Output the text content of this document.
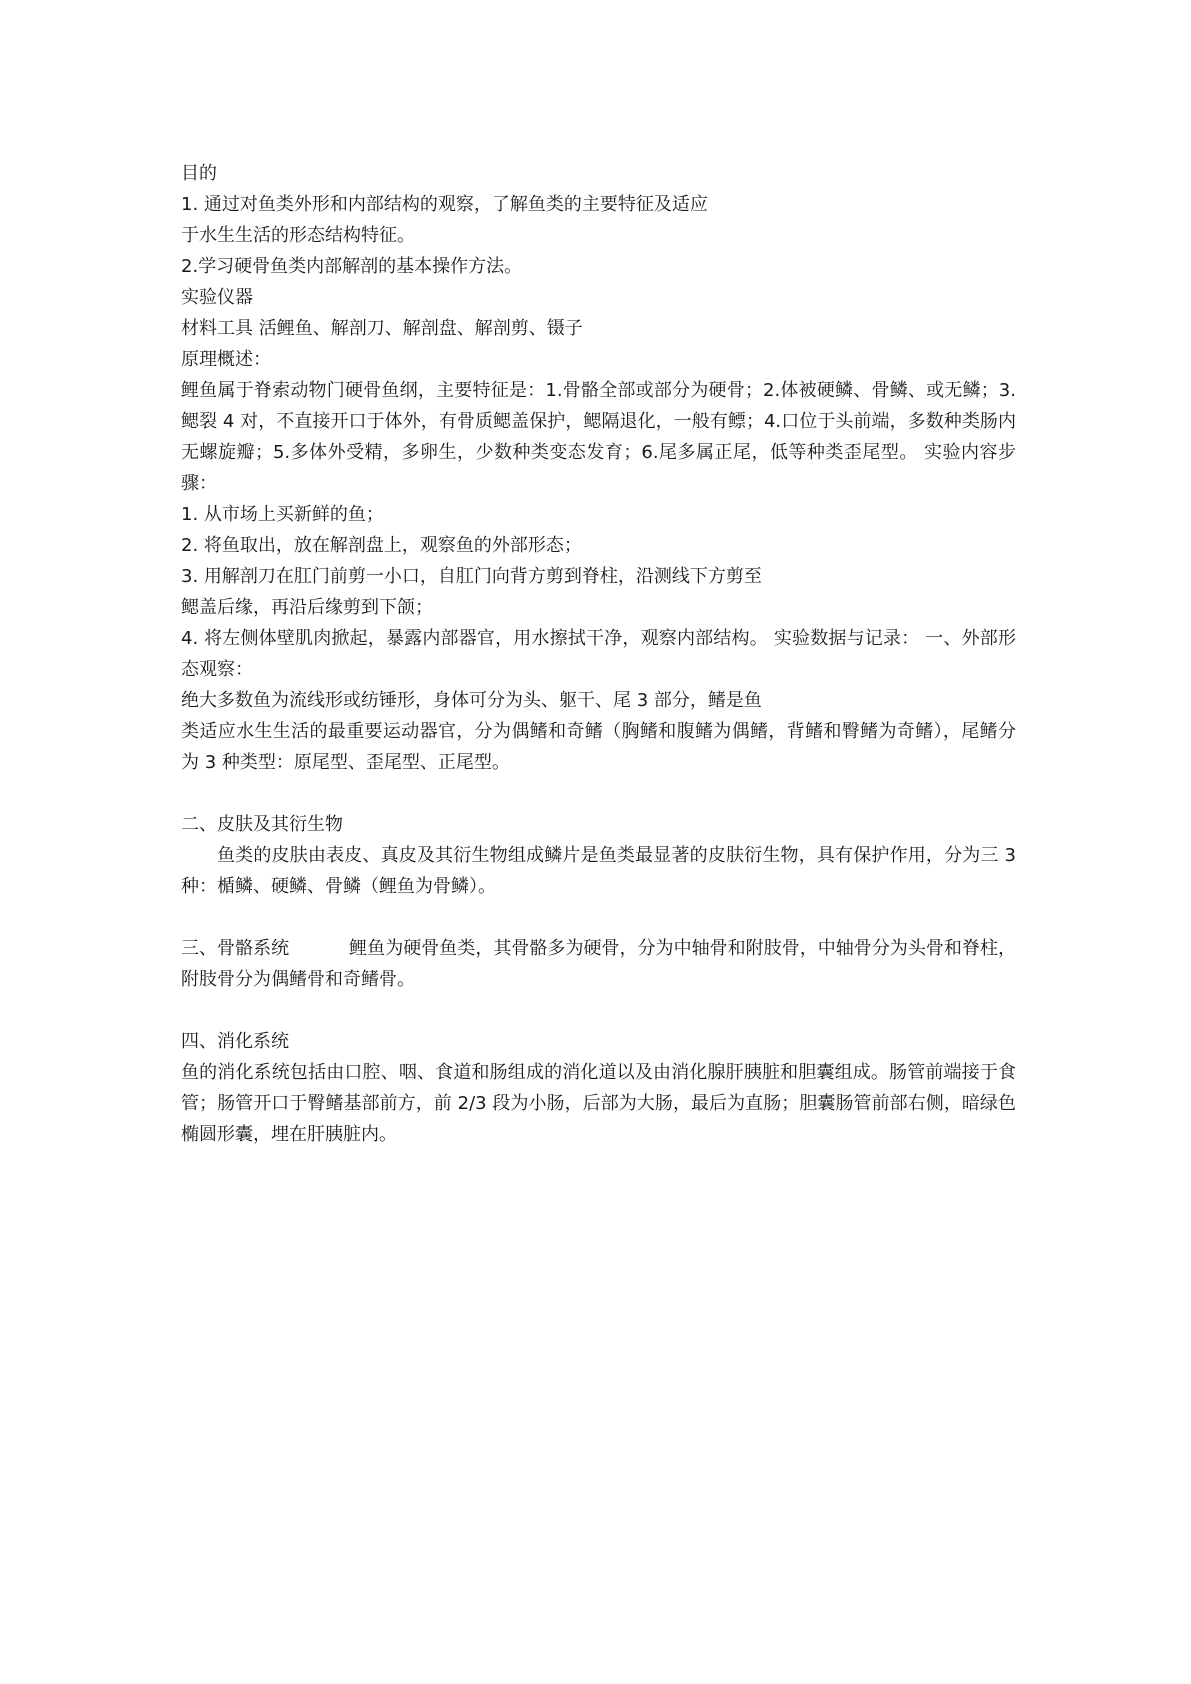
目的

1. 通过对鱼类外形和内部结构的观察，了解鱼类的主要特征及适应

于水生生活的形态结构特征。

2.学习硬骨鱼类内部解剖的基本操作方法。

实验仪器

材料工具 活鲤鱼、解剖刀、解剖盘、解剖剪、镊子

原理概述：

鲤鱼属于脊索动物门硬骨鱼纲，主要特征是：1.骨骼全部或部分为硬骨；2.体被硬鳞、骨鳞、或无鳞；3.鳃裂 4 对，不直接开口于体外，有骨质鳃盖保护，鳃隔退化，一般有鳔；4.口位于头前端，多数种类肠内无螺旋瓣；5.多体外受精，多卵生，少数种类变态发育；6.尾多属正尾，低等种类歪尾型。 实验内容步骤：

1. 从市场上买新鲜的鱼；

2. 将鱼取出，放在解剖盘上，观察鱼的外部形态；

3. 用解剖刀在肛门前剪一小口，自肛门向背方剪到脊柱，沿测线下方剪至

鳃盖后缘，再沿后缘剪到下颌；

4. 将左侧体壁肌肉掀起，暴露内部器官，用水擦拭干净，观察内部结构。 实验数据与记录： 一、外部形态观察：

绝大多数鱼为流线形或纺锤形，身体可分为头、躯干、尾 3 部分，鳍是鱼

类适应水生生活的最重要运动器官，分为偶鳍和奇鳍（胸鳍和腹鳍为偶鳍，背鳍和臀鳍为奇鳍），尾鳍分为 3 种类型：原尾型、歪尾型、正尾型。

二、皮肤及其衍生物

鱼类的皮肤由表皮、真皮及其衍生物组成鳞片是鱼类最显著的皮肤衍生物，具有保护作用，分为三 3 种：楯鳞、硬鳞、骨鳞（鲤鱼为骨鳞）。

三、骨骼系统	鲤鱼为硬骨鱼类，其骨骼多为硬骨，分为中轴骨和附肢骨，中轴骨分为头骨和脊柱，附肢骨分为偶鳍骨和奇鳍骨。

四、消化系统

鱼的消化系统包括由口腔、咽、食道和肠组成的消化道以及由消化腺肝胰脏和胆囊组成。肠管前端接于食管；肠管开口于臀鳍基部前方，前 2/3 段为小肠，后部为大肠，最后为直肠；胆囊肠管前部右侧，暗绿色椭圆形囊，埋在肝胰脏内。
